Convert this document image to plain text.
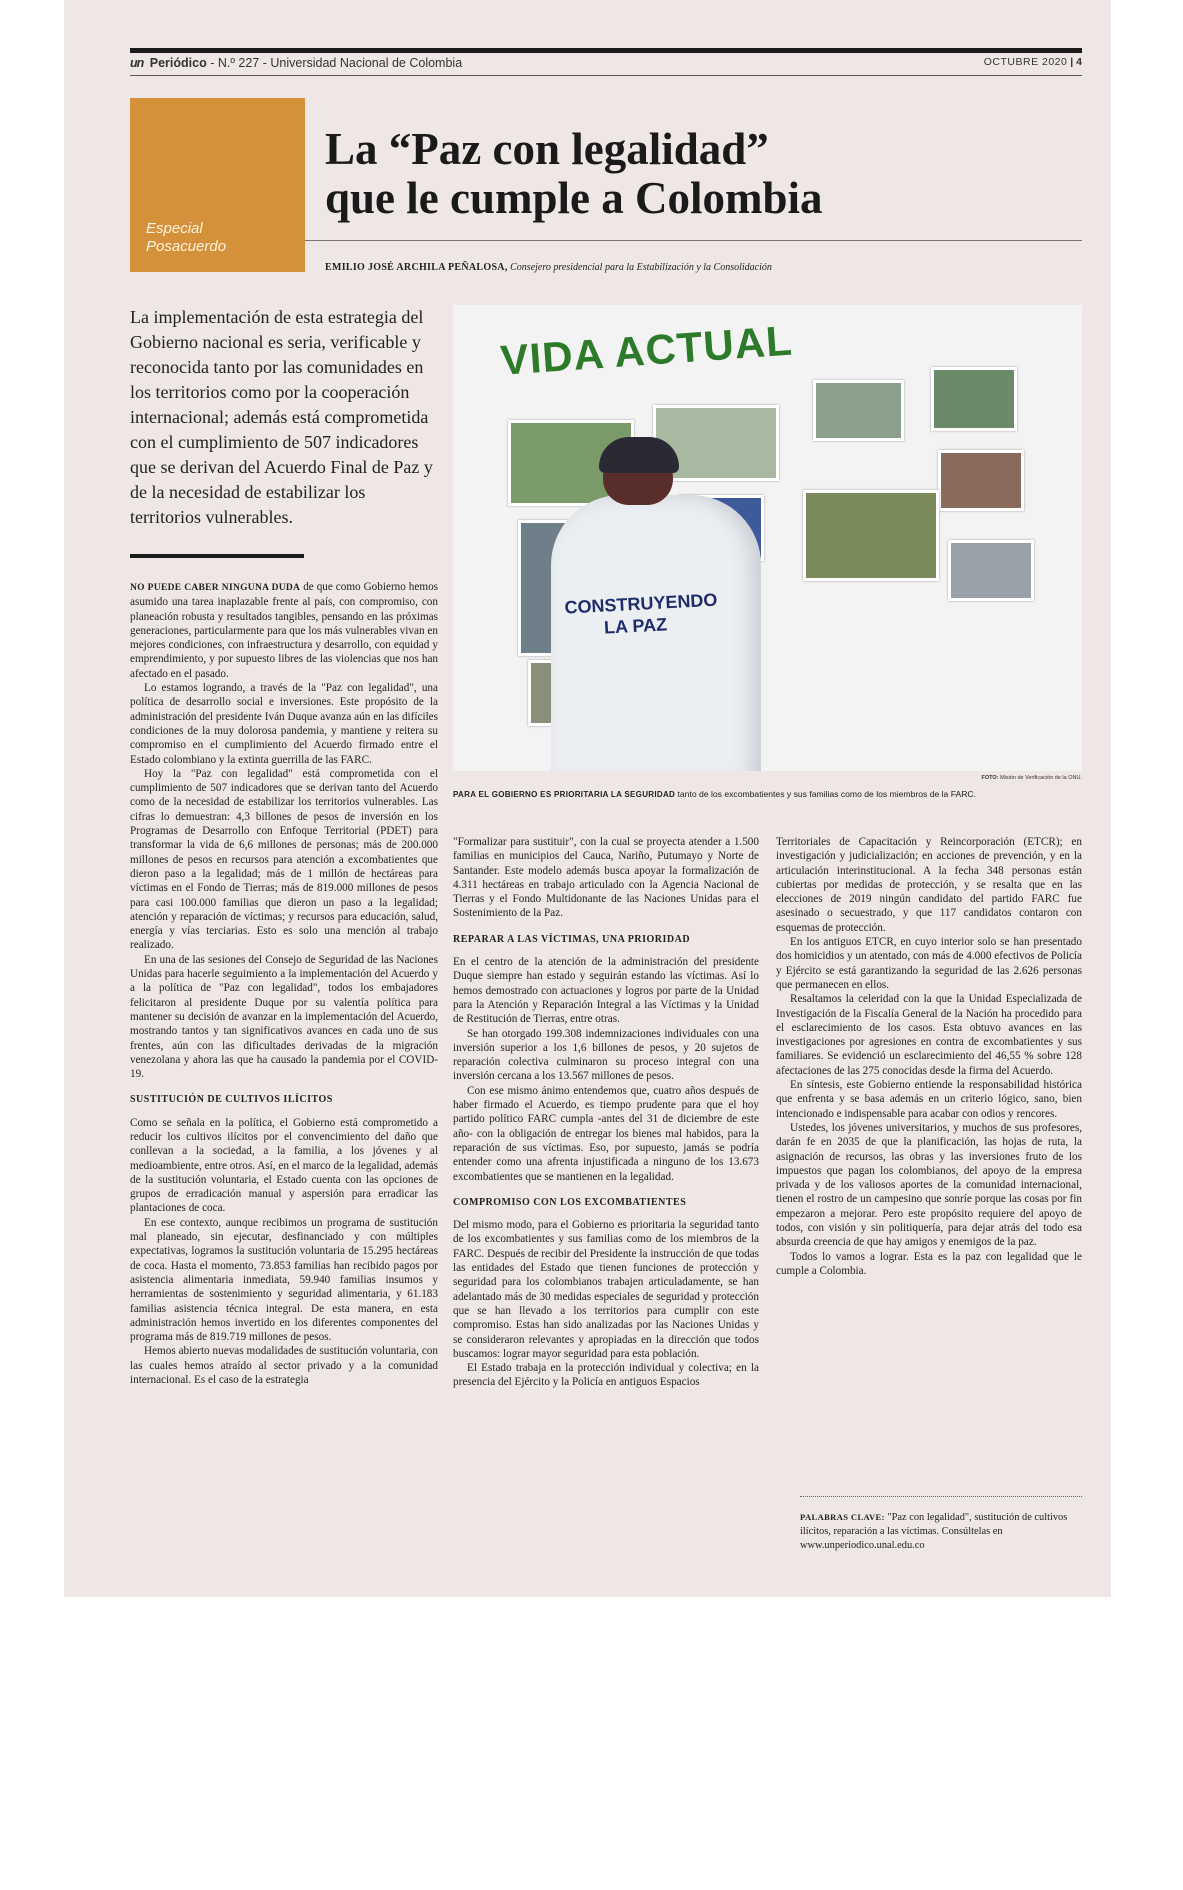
un Periódico - N.º 227 - Universidad Nacional de Colombia	OCTUBRE 2020 | 4
Especial
Posacuerdo
La “Paz con legalidad”
que le cumple a Colombia
EMILIO JOSÉ ARCHILA PEÑALOSA, Consejero presidencial para la Estabilización y la Consolidación

La implementación de esta estrategia del Gobierno nacional es seria, verificable y reconocida tanto por las comunidades en los territorios como por la cooperación internacional; además está comprometida con el cumplimiento de 507 indicadores que se derivan del Acuerdo Final de Paz y de la necesidad de estabilizar los territorios vulnerables.

VIDA ACTUAL
CONSTRUYENDO
LA PAZ
FOTO: Misión de Verificación de la ONU.
PARA EL GOBIERNO ES PRIORITARIA LA SEGURIDAD tanto de los excombatientes y sus familias como de los miembros de la FARC.

NO PUEDE CABER NINGUNA DUDA de que como Gobierno hemos asumido una tarea inaplazable frente al país, con compromiso, con planeación robusta y resultados tangibles, pensando en las próximas generaciones, particularmente para que los más vulnerables vivan en mejores condiciones, con infraestructura y desarrollo, con equidad y emprendimiento, y por supuesto libres de las violencias que nos han afectado en el pasado.

Lo estamos logrando, a través de la "Paz con legalidad", una política de desarrollo social e inversiones. Este propósito de la administración del presidente Iván Duque avanza aún en las difíciles condiciones de la muy dolorosa pandemia, y mantiene y reitera su compromiso en el cumplimiento del Acuerdo firmado entre el Estado colombiano y la extinta guerrilla de las FARC.

Hoy la "Paz con legalidad" está comprometida con el cumplimiento de 507 indicadores que se derivan tanto del Acuerdo como de la necesidad de estabilizar los territorios vulnerables. Las cifras lo demuestran: 4,3 billones de pesos de inversión en los Programas de Desarrollo con Enfoque Territorial (PDET) para transformar la vida de 6,6 millones de personas; más de 200.000 millones de pesos en recursos para atención a excombatientes que dieron paso a la legalidad; más de 1 millón de hectáreas para víctimas en el Fondo de Tierras; más de 819.000 millones de pesos para casi 100.000 familias que dieron un paso a la legalidad; atención y reparación de víctimas; y recursos para educación, salud, energía y vías terciarias. Esto es solo una mención al trabajo realizado.

En una de las sesiones del Consejo de Seguridad de las Naciones Unidas para hacerle seguimiento a la implementación del Acuerdo y a la política de "Paz con legalidad", todos los embajadores felicitaron al presidente Duque por su valentía política para mantener su decisión de avanzar en la implementación del Acuerdo, mostrando tantos y tan significativos avances en cada uno de sus frentes, aún con las dificultades derivadas de la migración venezolana y ahora las que ha causado la pandemia por el COVID-19.

SUSTITUCIÓN DE CULTIVOS ILÍCITOS

Como se señala en la política, el Gobierno está comprometido a reducir los cultivos ilícitos por el convencimiento del daño que conllevan a la sociedad, a la familia, a los jóvenes y al medioambiente, entre otros. Así, en el marco de la legalidad, además de la sustitución voluntaria, el Estado cuenta con las opciones de grupos de erradicación manual y aspersión para erradicar las plantaciones de coca.

En ese contexto, aunque recibimos un programa de sustitución mal planeado, sin ejecutar, desfinanciado y con múltiples expectativas, logramos la sustitución voluntaria de 15.295 hectáreas de coca. Hasta el momento, 73.853 familias han recibido pagos por asistencia alimentaria inmediata, 59.940 familias insumos y herramientas de sostenimiento y seguridad alimentaria, y 61.183 familias asistencia técnica integral. De esta manera, en esta administración hemos invertido en los diferentes componentes del programa más de 819.719 millones de pesos.

Hemos abierto nuevas modalidades de sustitución voluntaria, con las cuales hemos atraído al sector privado y a la comunidad internacional. Es el caso de la estrategia

"Formalizar para sustituir", con la cual se proyecta atender a 1.500 familias en municipios del Cauca, Nariño, Putumayo y Norte de Santander. Este modelo además busca apoyar la formalización de 4.311 hectáreas en trabajo articulado con la Agencia Nacional de Tierras y el Fondo Multidonante de las Naciones Unidas para el Sostenimiento de la Paz.

REPARAR A LAS VÍCTIMAS, UNA PRIORIDAD

En el centro de la atención de la administración del presidente Duque siempre han estado y seguirán estando las víctimas. Así lo hemos demostrado con actuaciones y logros por parte de la Unidad para la Atención y Reparación Integral a las Víctimas y la Unidad de Restitución de Tierras, entre otras.

Se han otorgado 199.308 indemnizaciones individuales con una inversión superior a los 1,6 billones de pesos, y 20 sujetos de reparación colectiva culminaron su proceso integral con una inversión cercana a los 13.567 millones de pesos.

Con ese mismo ánimo entendemos que, cuatro años después de haber firmado el Acuerdo, es tiempo prudente para que el hoy partido político FARC cumpla -antes del 31 de diciembre de este año- con la obligación de entregar los bienes mal habidos, para la reparación de sus víctimas. Eso, por supuesto, jamás se podría entender como una afrenta injustificada a ninguno de los 13.673 excombatientes que se mantienen en la legalidad.

COMPROMISO CON LOS EXCOMBATIENTES

Del mismo modo, para el Gobierno es prioritaria la seguridad tanto de los excombatientes y sus familias como de los miembros de la FARC. Después de recibir del Presidente la instrucción de que todas las entidades del Estado que tienen funciones de protección y seguridad para los colombianos trabajen articuladamente, se han adelantado más de 30 medidas especiales de seguridad y protección que se han llevado a los territorios para cumplir con este compromiso. Estas han sido analizadas por las Naciones Unidas y se consideraron relevantes y apropiadas en la dirección que todos buscamos: lograr mayor seguridad para esta población.

El Estado trabaja en la protección individual y colectiva; en la presencia del Ejército y la Policía en antiguos Espacios

Territoriales de Capacitación y Reincorporación (ETCR); en investigación y judicialización; en acciones de prevención, y en la articulación interinstitucional. A la fecha 348 personas están cubiertas por medidas de protección, y se resalta que en las elecciones de 2019 ningún candidato del partido FARC fue asesinado o secuestrado, y que 117 candidatos contaron con esquemas de protección.

En los antiguos ETCR, en cuyo interior solo se han presentado dos homicidios y un atentado, con más de 4.000 efectivos de Policía y Ejército se está garantizando la seguridad de las 2.626 personas que permanecen en ellos.

Resaltamos la celeridad con la que la Unidad Especializada de Investigación de la Fiscalía General de la Nación ha procedido para el esclarecimiento de los casos. Esta obtuvo avances en las investigaciones por agresiones en contra de excombatientes y sus familiares. Se evidenció un esclarecimiento del 46,55 % sobre 128 afectaciones de las 275 conocidas desde la firma del Acuerdo.

En síntesis, este Gobierno entiende la responsabilidad histórica que enfrenta y se basa además en un criterio lógico, sano, bien intencionado e indispensable para acabar con odios y rencores.

Ustedes, los jóvenes universitarios, y muchos de sus profesores, darán fe en 2035 de que la planificación, las hojas de ruta, la asignación de recursos, las obras y las inversiones fruto de los impuestos que pagan los colombianos, del apoyo de la empresa privada y de los valiosos aportes de la comunidad internacional, tienen el rostro de un campesino que sonríe porque las cosas por fin empezaron a mejorar. Pero este propósito requiere del apoyo de todos, con visión y sin politiquería, para dejar atrás del todo esa absurda creencia de que hay amigos y enemigos de la paz.

Todos lo vamos a lograr. Esta es la paz con legalidad que le cumple a Colombia.

PALABRAS CLAVE: "Paz con legalidad", sustitución de cultivos ilícitos, reparación a las víctimas. Consúltelas en www.unperiodico.unal.edu.co
